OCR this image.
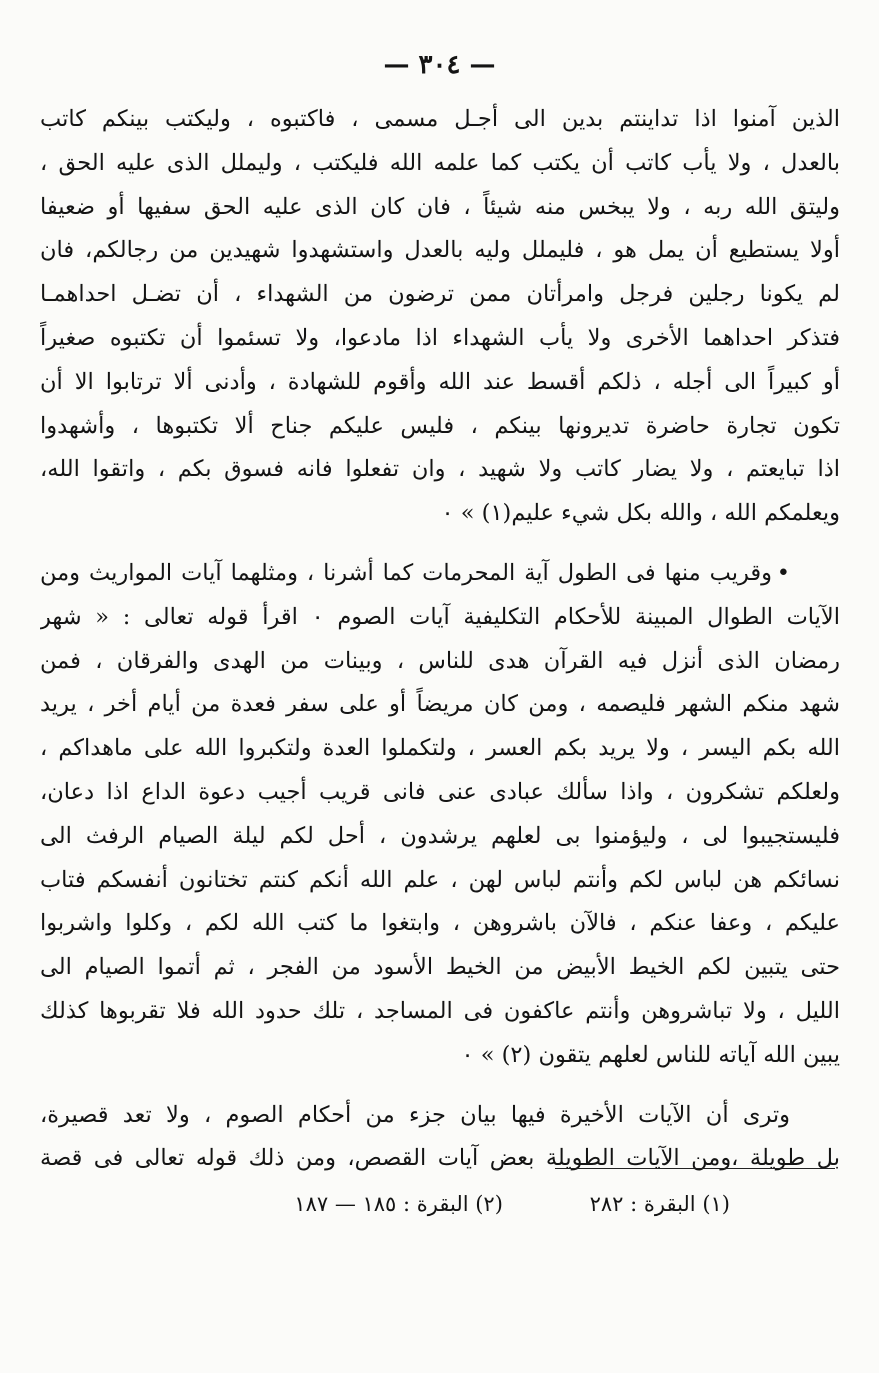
— ٣٠٤ —

الذين آمنوا اذا تداينتم بدين الى أجـل مسمى ، فاكتبوه ، وليكتب بينكم كاتب
بالعدل ، ولا يأب كاتب أن يكتب كما علمه الله فليكتب ، وليملل الذى عليه الحق ،
وليتق الله ربه ، ولا يبخس منه شيئاً ، فان كان الذى عليه الحق سفيها أو ضعيفا
أولا يستطيع أن يمل هو ، فليملل وليه بالعدل واستشهدوا شهيدين من رجالكم، فان
لم يكونا رجلين فرجل وامرأتان ممن ترضون من الشهداء ، أن تضـل احداهمـا
فتذكر احداهما الأخرى ولا يأب الشهداء اذا مادعوا، ولا تسئموا أن تكتبوه صغيراً
أو كبيراً الى أجله ، ذلكم أقسط عند الله وأقوم للشهادة ، وأدنى ألا ترتابوا الا أن
تكون تجارة حاضرة تديرونها بينكم ، فليس عليكم جناح ألا تكتبوها ، وأشهدوا
اذا تبايعتم ، ولا يضار كاتب ولا شهيد ، وان تفعلوا فانه فسوق بكم ، واتقوا الله،
ويعلمكم الله ، والله بكل شيء عليم(١) » ٠

•وقريب منها فى الطول آية المحرمات كما أشرنا ، ومثلهما آيات المواريث ومن
الآيات الطوال المبينة للأحكام التكليفية آيات الصوم ٠ اقرأ قوله تعالى : « شهر
رمضان الذى أنزل فيه القرآن هدى للناس ، وبينات من الهدى والفرقان ، فمن
شهد منكم الشهر فليصمه ، ومن كان مريضاً أو على سفر فعدة من أيام أخر ، يريد
الله بكم اليسر ، ولا يريد بكم العسر ، ولتكملوا العدة ولتكبروا الله على ماهداكم ،
ولعلكم تشكرون ، واذا سألك عبادى عنى فانى قريب أجيب دعوة الداع اذا دعان،
فليستجيبوا لى ، وليؤمنوا بى لعلهم يرشدون ، أحل لكم ليلة الصيام الرفث الى
نسائكم هن لباس لكم وأنتم لباس لهن ، علم الله أنكم كنتم تختانون أنفسكم فتاب
عليكم ، وعفا عنكم ، فالآن باشروهن ، وابتغوا ما كتب الله لكم ، وكلوا واشربوا
حتى يتبين لكم الخيط الأبيض من الخيط الأسود من الفجر ، ثم أتموا الصيام الى
الليل ، ولا تباشروهن وأنتم عاكفون فى المساجد ، تلك حدود الله فلا تقربوها كذلك
يبين الله آياته للناس لعلهم يتقون (٢) » ٠

وترى أن الآيات الأخيرة فيها بيان جزء من أحكام الصوم ، ولا تعد قصيرة،
بل طويلة ،ومن الآيات الطويلة بعض آيات القصص، ومن ذلك قوله تعالى فى قصة

(١) البقرة : ٢٨٢ (٢) البقرة : ١٨٥ — ١٨٧
